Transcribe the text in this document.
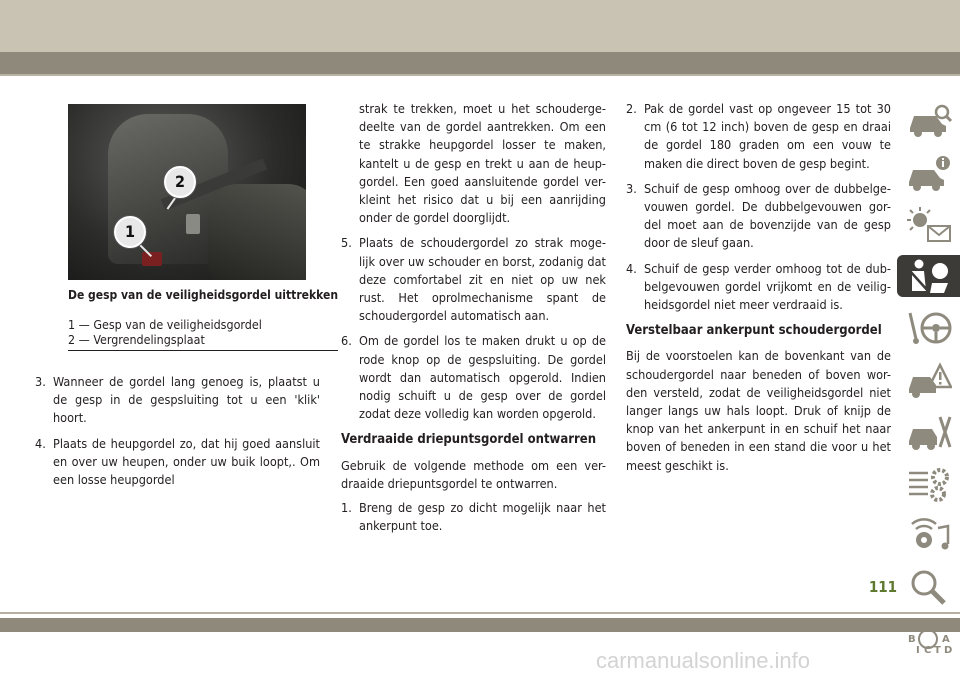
1
2
De gesp van de veiligheidsgordel uittrekken
1 — Gesp van de veiligheidsgordel
2 — Vergrendelingsplaat
3. Wanneer de gordel lang genoeg is, plaatst u de gesp in de gespsluiting tot u een 'klik' hoort.
4. Plaats de heupgordel zo, dat hij goed aansluit en over uw heupen, onder uw buik loopt,. Om een losse heupgordel
strak te trekken, moet u het schouderge-deelte van de gordel aantrekken. Om een te strakke heupgordel losser te maken, kantelt u de gesp en trekt u aan de heup-gordel. Een goed aansluitende gordel ver-kleint het risico dat u bij een aanrijding onder de gordel doorglijdt.
5. Plaats de schoudergordel zo strak moge-lijk over uw schouder en borst, zodanig dat deze comfortabel zit en niet op uw nek rust. Het oprolmechanisme spant de schoudergordel automatisch aan.
6. Om de gordel los te maken drukt u op de rode knop op de gespsluiting. De gordel wordt dan automatisch opgerold. Indien nodig schuift u de gesp over de gordel zodat deze volledig kan worden opgerold.
Verdraaide driepuntsgordel ontwarren
Gebruik de volgende methode om een ver-draaide driepuntsgordel te ontwarren.
1. Breng de gesp zo dicht mogelijk naar het ankerpunt toe.
2. Pak de gordel vast op ongeveer 15 tot 30 cm (6 tot 12 inch) boven de gesp en draai de gordel 180 graden om een vouw te maken die direct boven de gesp begint.
3. Schuif de gesp omhoog over de dubbelge-vouwen gordel. De dubbelgevouwen gor-del moet aan de bovenzijde van de gesp door de sleuf gaan.
4. Schuif de gesp verder omhoog tot de dub-belgevouwen gordel vrijkomt en de veilig-heidsgordel niet meer verdraaid is.
Verstelbaar ankerpunt schoudergordel
Bij de voorstoelen kan de bovenkant van de schoudergordel naar beneden of boven wor-den versteld, zodat de veiligheidsgordel niet langer langs uw hals loopt. Druk of knijp de knop van het ankerpunt in en schuif het naar boven of beneden in een stand die voor u het meest geschikt is.
B	A
I C T D
111
carmanualsonline.info
